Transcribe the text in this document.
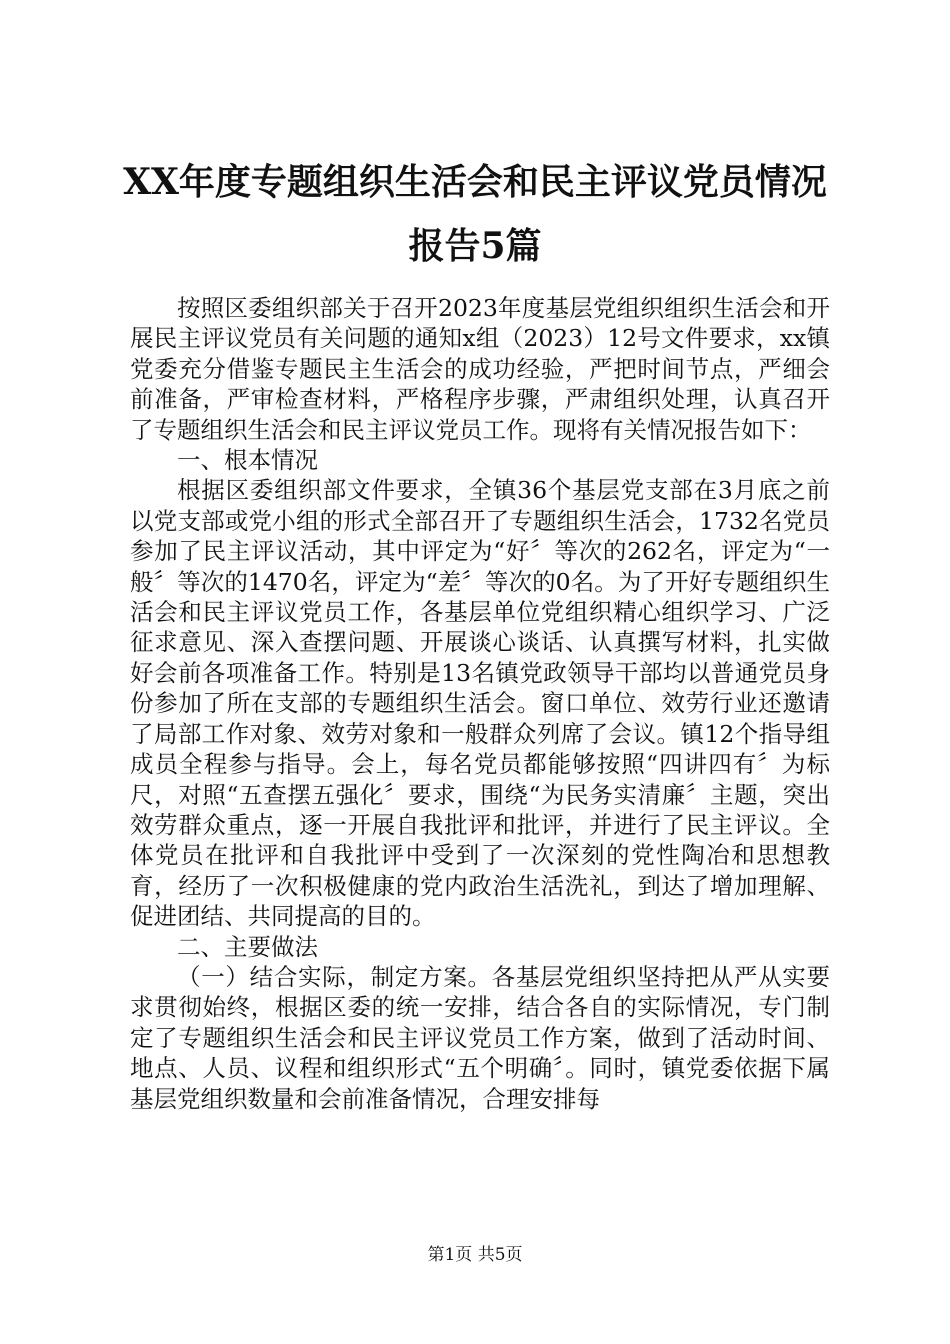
XX年度专题组织生活会和民主评议党员情况报告5篇

按照区委组织部关于召开2023年度基层党组织组织生活会和开展民主评议党员有关问题的通知x组（2023）12号文件要求，xx镇党委充分借鉴专题民主生活会的成功经验，严把时间节点，严细会前准备，严审检查材料，严格程序步骤，严肃组织处理，认真召开了专题组织生活会和民主评议党员工作。现将有关情况报告如下：

一、根本情况

根据区委组织部文件要求，全镇36个基层党支部在3月底之前以党支部或党小组的形式全部召开了专题组织生活会，1732名党员参加了民主评议活动，其中评定为“好〞等次的262名，评定为“一般〞等次的1470名，评定为“差〞等次的0名。为了开好专题组织生活会和民主评议党员工作，各基层单位党组织精心组织学习、广泛征求意见、深入查摆问题、开展谈心谈话、认真撰写材料，扎实做好会前各项准备工作。特别是13名镇党政领导干部均以普通党员身份参加了所在支部的专题组织生活会。窗口单位、效劳行业还邀请了局部工作对象、效劳对象和一般群众列席了会议。镇12个指导组成员全程参与指导。会上，每名党员都能够按照“四讲四有〞为标尺，对照“五查摆五强化〞要求，围绕“为民务实清廉〞主题，突出效劳群众重点，逐一开展自我批评和批评，并进行了民主评议。全体党员在批评和自我批评中受到了一次深刻的党性陶冶和思想教育，经历了一次积极健康的党内政治生活洗礼，到达了增加理解、促进团结、共同提高的目的。

二、主要做法

（一）结合实际，制定方案。各基层党组织坚持把从严从实要求贯彻始终，根据区委的统一安排，结合各自的实际情况，专门制定了专题组织生活会和民主评议党员工作方案，做到了活动时间、地点、人员、议程和组织形式“五个明确〞。同时，镇党委依据下属基层党组织数量和会前准备情况，合理安排每

第1页 共5页
